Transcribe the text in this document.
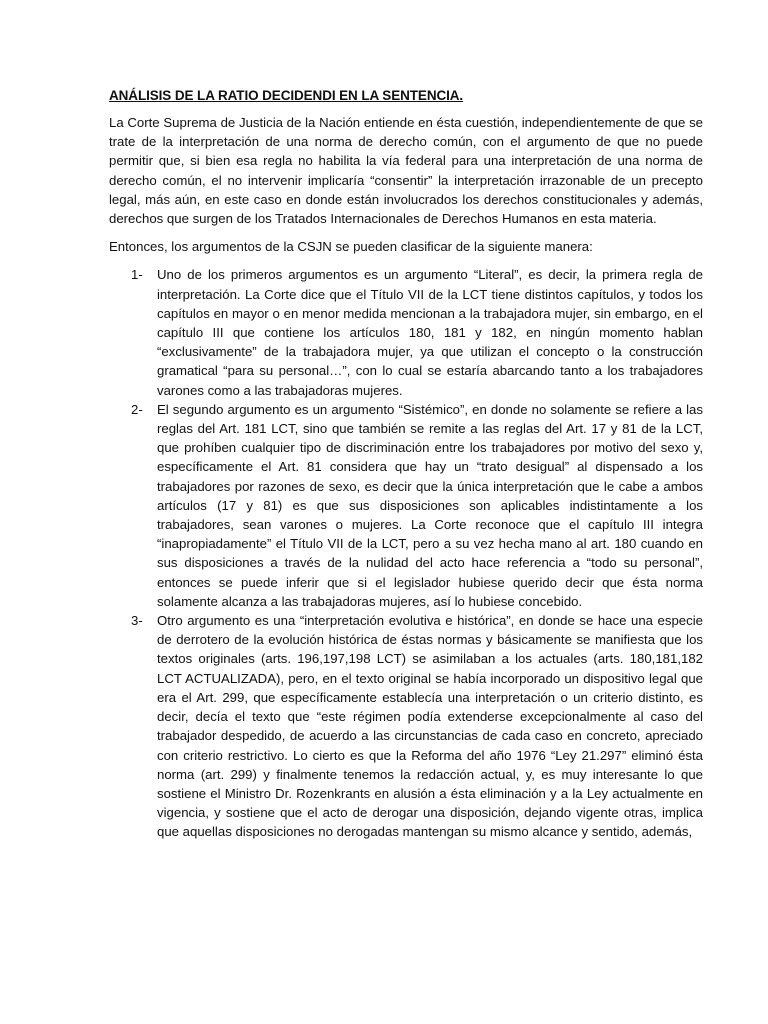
ANÁLISIS DE LA RATIO DECIDENDI EN LA SENTENCIA.

La Corte Suprema de Justicia de la Nación entiende en ésta cuestión, independientemente de que se trate de la interpretación de una norma de derecho común, con el argumento de que no puede permitir que, si bien esa regla no habilita la vía federal para una interpretación de una norma de derecho común, el no intervenir implicaría “consentir” la interpretación irrazonable de un precepto legal, más aún, en este caso en donde están involucrados los derechos constitucionales y además, derechos que surgen de los Tratados Internacionales de Derechos Humanos en esta materia.

Entonces, los argumentos de la CSJN se pueden clasificar de la siguiente manera:

1- Uno de los primeros argumentos es un argumento “Literal”, es decir, la primera regla de interpretación. La Corte dice que el Título VII de la LCT tiene distintos capítulos, y todos los capítulos en mayor o en menor medida mencionan a la trabajadora mujer, sin embargo, en el capítulo III que contiene los artículos 180, 181 y 182, en ningún momento hablan “exclusivamente” de la trabajadora mujer, ya que utilizan el concepto o la construcción gramatical “para su personal…”, con lo cual se estaría abarcando tanto a los trabajadores varones como a las trabajadoras mujeres.
2- El segundo argumento es un argumento “Sistémico”, en donde no solamente se refiere a las reglas del Art. 181 LCT, sino que también se remite a las reglas del Art. 17 y 81 de la LCT, que prohíben cualquier tipo de discriminación entre los trabajadores por motivo del sexo y, específicamente el Art. 81 considera que hay un “trato desigual” al dispensado a los trabajadores por razones de sexo, es decir que la única interpretación que le cabe a ambos artículos (17 y 81) es que sus disposiciones son aplicables indistintamente a los trabajadores, sean varones o mujeres. La Corte reconoce que el capítulo III integra “inapropiadamente” el Título VII de la LCT, pero a su vez hecha mano al art. 180 cuando en sus disposiciones a través de la nulidad del acto hace referencia a “todo su personal”, entonces se puede inferir que si el legislador hubiese querido decir que ésta norma solamente alcanza a las trabajadoras mujeres, así lo hubiese concebido.
3- Otro argumento es una “interpretación evolutiva e histórica”, en donde se hace una especie de derrotero de la evolución histórica de éstas normas y básicamente se manifiesta que los textos originales (arts. 196,197,198 LCT) se asimilaban a los actuales (arts. 180,181,182 LCT ACTUALIZADA), pero, en el texto original se había incorporado un dispositivo legal que era el Art. 299, que específicamente establecía una interpretación o un criterio distinto, es decir, decía el texto que “este régimen podía extenderse excepcionalmente al caso del trabajador despedido, de acuerdo a las circunstancias de cada caso en concreto, apreciado con criterio restrictivo. Lo cierto es que la Reforma del año 1976 “Ley 21.297” eliminó ésta norma (art. 299) y finalmente tenemos la redacción actual, y, es muy interesante lo que sostiene el Ministro Dr. Rozenkrants en alusión a ésta eliminación y a la Ley actualmente en vigencia, y sostiene que el acto de derogar una disposición, dejando vigente otras, implica que aquellas disposiciones no derogadas mantengan su mismo alcance y sentido, además,
